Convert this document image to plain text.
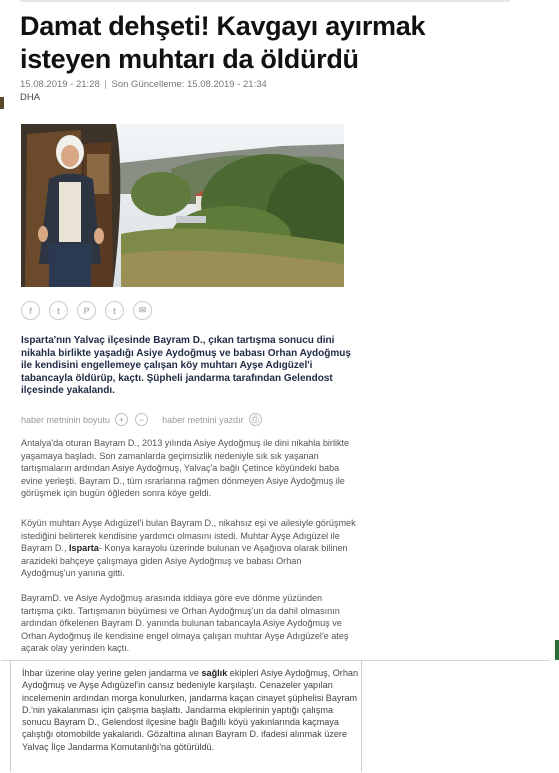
Damat dehşeti! Kavgayı ayırmak isteyen muhtarı da öldürdü
15.08.2019 - 21:28 | Son Güncelleme: 15.08.2019 - 21:34
DHA
f	t	P	t	✉

Isparta'nın Yalvaç ilçesinde Bayram D., çıkan tartışma sonucu dini nikahla birlikte yaşadığı Asiye Aydoğmuş ve babası Orhan Aydoğmuş ile kendisini engellemeye çalışan köy muhtarı Ayşe Adıgüzel'i tabancayla öldürüp, kaçtı. Şüpheli jandarma tarafından Gelendost ilçesinde yakalandı.

haber metninin boyutu +	−	haber metnini yazdır ⎙

Antalya'da oturan Bayram D., 2013 yılında Asiye Aydoğmuş ile dini nikahla birlikte yaşamaya başladı. Son zamanlarda geçimsizlik nedeniyle sık sık yaşanan tartışmaların ardından Asiye Aydoğmuş, Yalvaç'a bağlı Çetince köyündeki baba evine yerleşti. Bayram D., tüm ısrarlarına rağmen dönmeyen Asiye Aydoğmuş ile görüşmek için bugün öğleden sonra köye geldi.

Köyün muhtarı Ayşe Adıgüzel'i bulan Bayram D., nikahsız eşi ve ailesiyle görüşmek istediğini belirterek kendisine yardımcı olmasını istedi. Muhtar Ayşe Adıgüzel ile Bayram D., Isparta- Konya karayolu üzerinde bulunan ve Aşağıova olarak bilinen arazideki bahçeye çalışmaya giden Asiye Aydoğmuş ve babası Orhan Aydoğmuş'un yanına gitti.

BayramD. ve Asiye Aydoğmuş arasında iddiaya göre eve dönme yüzünden tartışma çıktı. Tartışmanın büyümesi ve Orhan Aydoğmuş'un da dahil olmasının ardından öfkelenen Bayram D. yanında bulunan tabancayla Asiye Aydoğmuş ve Orhan Aydoğmuş ile kendisine engel olmaya çalışan muhtar Ayşe Adıgüzel'e ateş açarak olay yerinden kaçtı.

İhbar üzerine olay yerine gelen jandarma ve sağlık ekipleri Asiye Aydoğmuş, Orhan Aydoğmuş ve Ayşe Adıgüzel'in cansız bedeniyle karşılaştı. Cenazeler yapılan incelemenin ardından morga konulurken, jandarma kaçan cinayet şüphelisi Bayram D.'nin yakalanması için çalışma başlattı. Jandarma ekiplerinin yaptığı çalışma sonucu Bayram D., Gelendost ilçesine bağlı Bağıllı köyü yakınlarında kaçmaya çalıştığı otomobilde yakalandı. Gözaltına alınan Bayram D. ifadesi alınmak üzere Yalvaç İlçe Jandarma Komutanlığı'na götürüldü.
